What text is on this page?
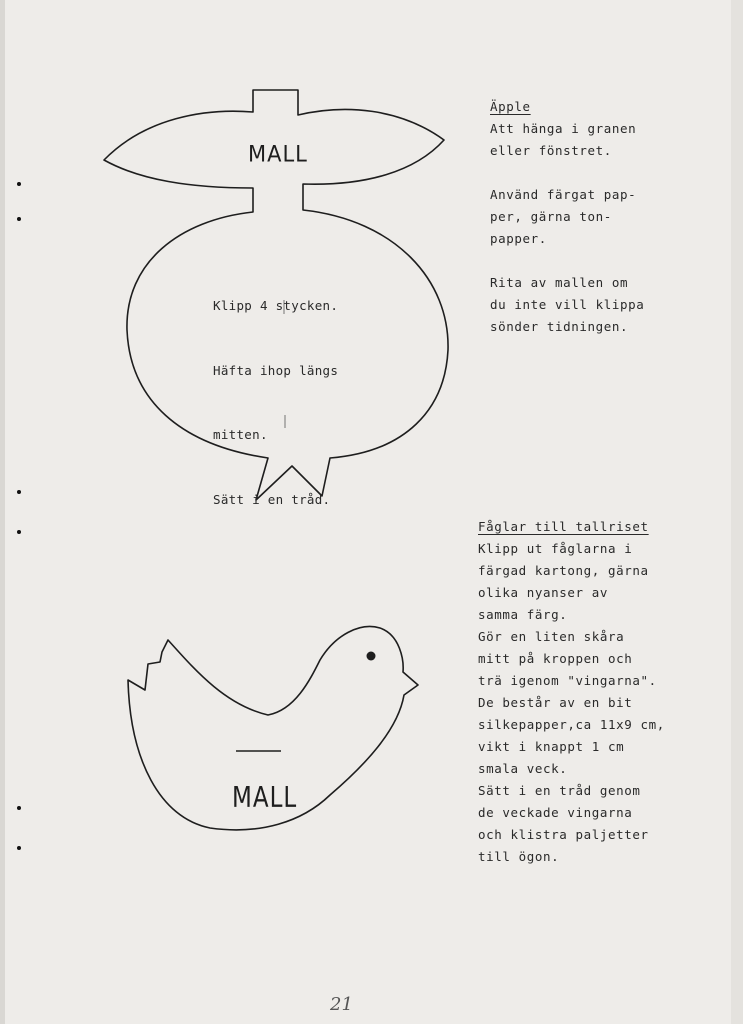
MALL
MALL

Klipp 4 stycken.

Häfta ihop längs

mitten.

Sätt i en tråd.

Äpple
Att hänga i granen
eller fönstret.
Använd färgat pap-
per, gärna ton-
papper.
Rita av mallen om
du inte vill klippa
sönder tidningen.
Fåglar till tallriset
Klipp ut fåglarna i
färgad kartong, gärna
olika nyanser av
samma färg.
Gör en liten skåra
mitt på kroppen och
trä igenom "vingarna".
De består av en bit
silkepapper,ca 11x9 cm,
vikt i knappt 1 cm
smala veck.
Sätt i en tråd genom
de veckade vingarna
och klistra paljetter
till ögon.
21
